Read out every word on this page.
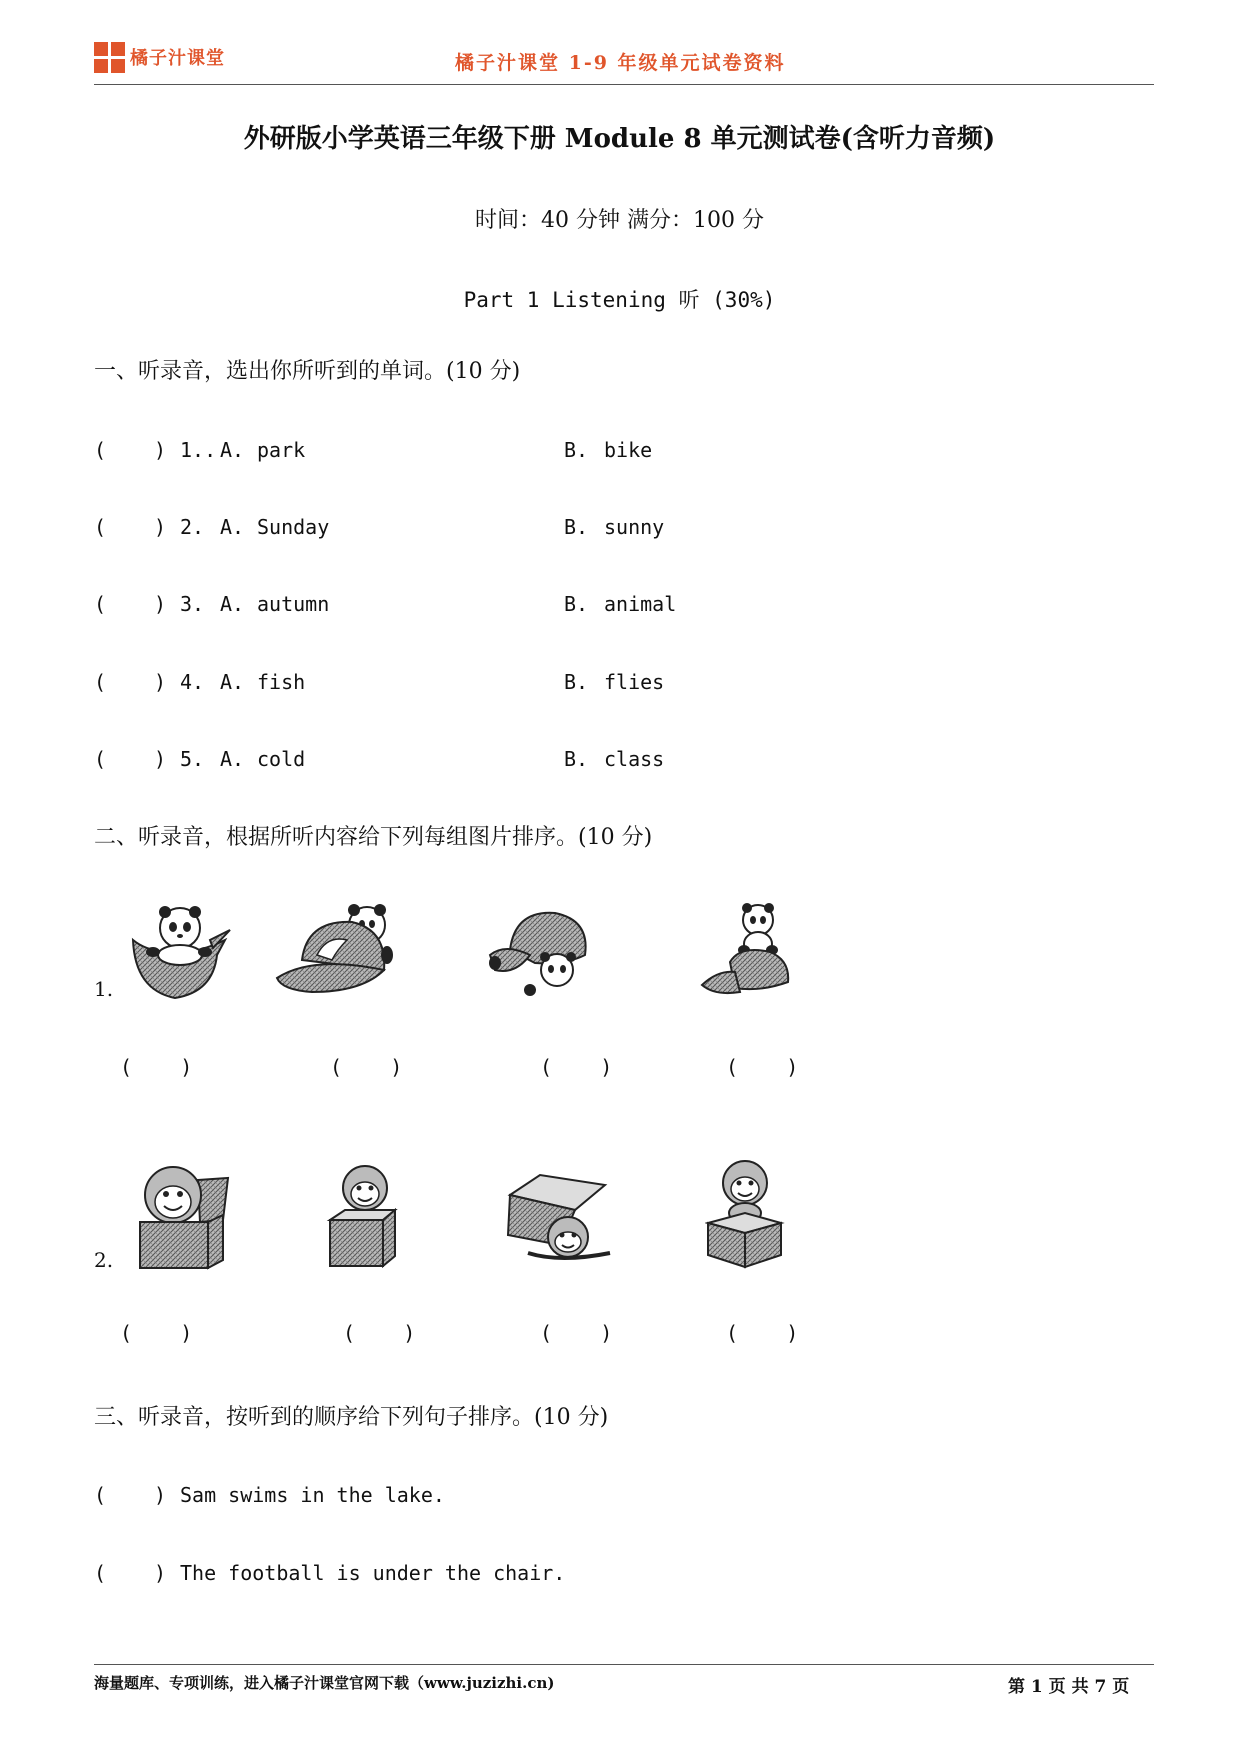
橘子汁课堂	橘子汁课堂 1-9 年级单元试卷资料
外研版小学英语三年级下册 Module 8 单元测试卷(含听力音频)
时间：40 分钟 满分：100 分
Part 1 Listening 听 (30%)
一、听录音，选出你所听到的单词。(10 分)
( ) 1.. A. park	B. bike
( ) 2. A. Sunday	B. sunny
( ) 3. A. autumn	B. animal
( ) 4. A. fish	B. flies
( ) 5. A. cold	B. class
二、听录音，根据所听内容给下列每组图片排序。(10 分)
1.
(    )	(    )	(    )	(    )
2.
(    )	(    )	(    )	(    )
三、听录音，按听到的顺序给下列句子排序。(10 分)
( ) Sam swims in the lake.
( ) The football is under the chair.
海量题库、专项训练，进入橘子汁课堂官网下载（www.juzizhi.cn)	第 1 页 共 7 页
